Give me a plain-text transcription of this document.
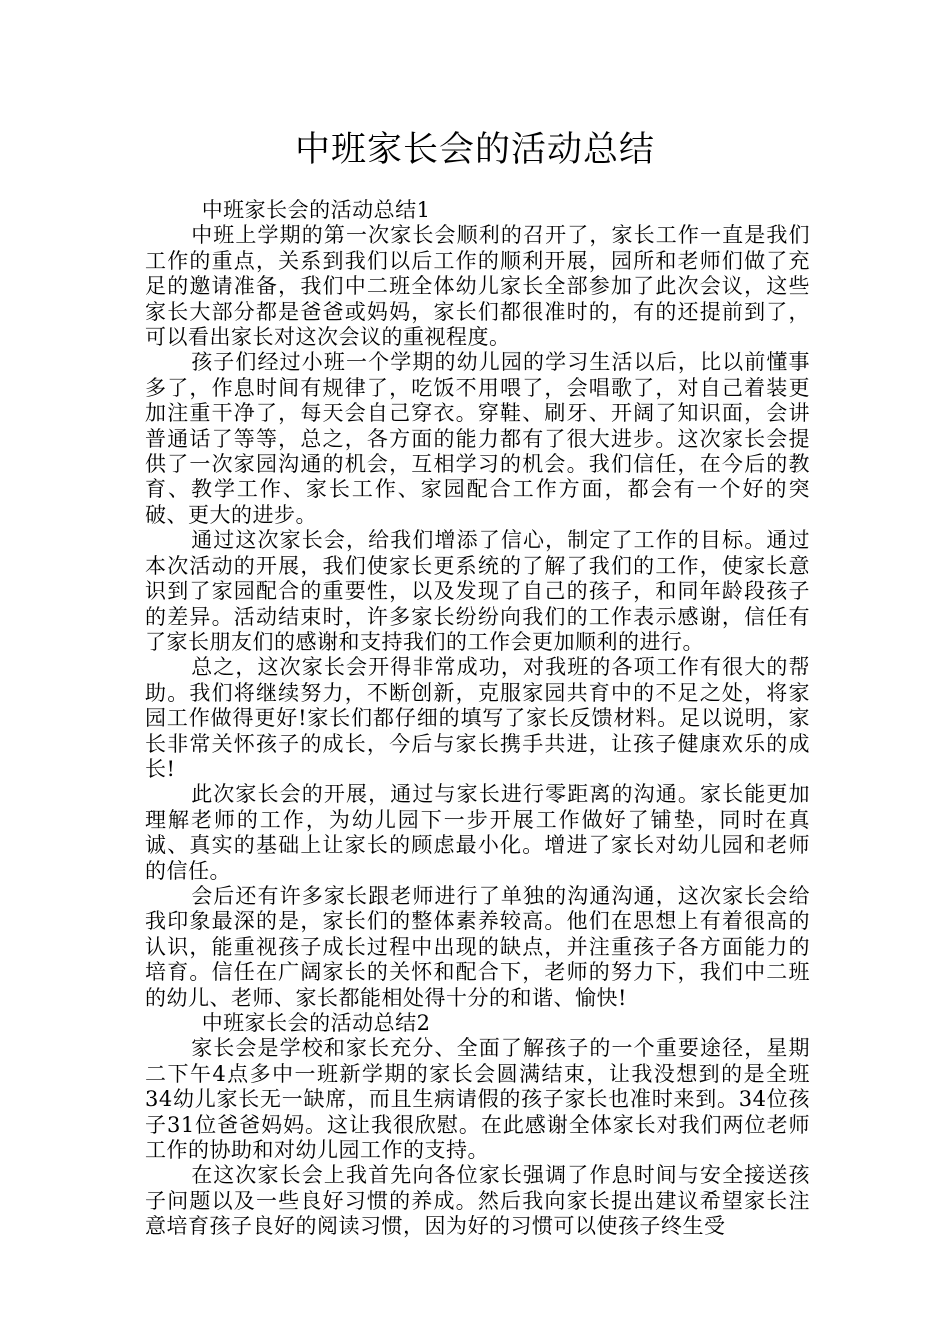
中班家长会的活动总结

中班家长会的活动总结1

中班上学期的第一次家长会顺利的召开了，家长工作一直是我们工作的重点，关系到我们以后工作的顺利开展，园所和老师们做了充足的邀请准备，我们中二班全体幼儿家长全部参加了此次会议，这些家长大部分都是爸爸或妈妈，家长们都很准时的，有的还提前到了，可以看出家长对这次会议的重视程度。

孩子们经过小班一个学期的幼儿园的学习生活以后，比以前懂事多了，作息时间有规律了，吃饭不用喂了，会唱歌了，对自己着装更加注重干净了，每天会自己穿衣。穿鞋、刷牙、开阔了知识面，会讲普通话了等等，总之，各方面的能力都有了很大进步。这次家长会提供了一次家园沟通的机会，互相学习的机会。我们信任，在今后的教育、教学工作、家长工作、家园配合工作方面，都会有一个好的突破、更大的进步。

通过这次家长会，给我们增添了信心，制定了工作的目标。通过本次活动的开展，我们使家长更系统的了解了我们的工作，使家长意识到了家园配合的重要性，以及发现了自己的孩子，和同年龄段孩子的差异。活动结束时，许多家长纷纷向我们的工作表示感谢，信任有了家长朋友们的感谢和支持我们的工作会更加顺利的进行。

总之，这次家长会开得非常成功，对我班的各项工作有很大的帮助。我们将继续努力，不断创新，克服家园共育中的不足之处，将家园工作做得更好!家长们都仔细的填写了家长反馈材料。足以说明，家长非常关怀孩子的成长，今后与家长携手共进，让孩子健康欢乐的成长!

此次家长会的开展，通过与家长进行零距离的沟通。家长能更加理解老师的工作，为幼儿园下一步开展工作做好了铺垫，同时在真诚、真实的基础上让家长的顾虑最小化。增进了家长对幼儿园和老师的信任。

会后还有许多家长跟老师进行了单独的沟通沟通，这次家长会给我印象最深的是，家长们的整体素养较高。他们在思想上有着很高的认识，能重视孩子成长过程中出现的缺点，并注重孩子各方面能力的培育。信任在广阔家长的关怀和配合下，老师的努力下，我们中二班的幼儿、老师、家长都能相处得十分的和谐、愉快!

中班家长会的活动总结2

家长会是学校和家长充分、全面了解孩子的一个重要途径，星期二下午4点多中一班新学期的家长会圆满结束，让我没想到的是全班34幼儿家长无一缺席，而且生病请假的孩子家长也准时来到。34位孩子31位爸爸妈妈。这让我很欣慰。在此感谢全体家长对我们两位老师工作的协助和对幼儿园工作的支持。

在这次家长会上我首先向各位家长强调了作息时间与安全接送孩子问题以及一些良好习惯的养成。然后我向家长提出建议希望家长注意培育孩子良好的阅读习惯，因为好的习惯可以使孩子终生受
